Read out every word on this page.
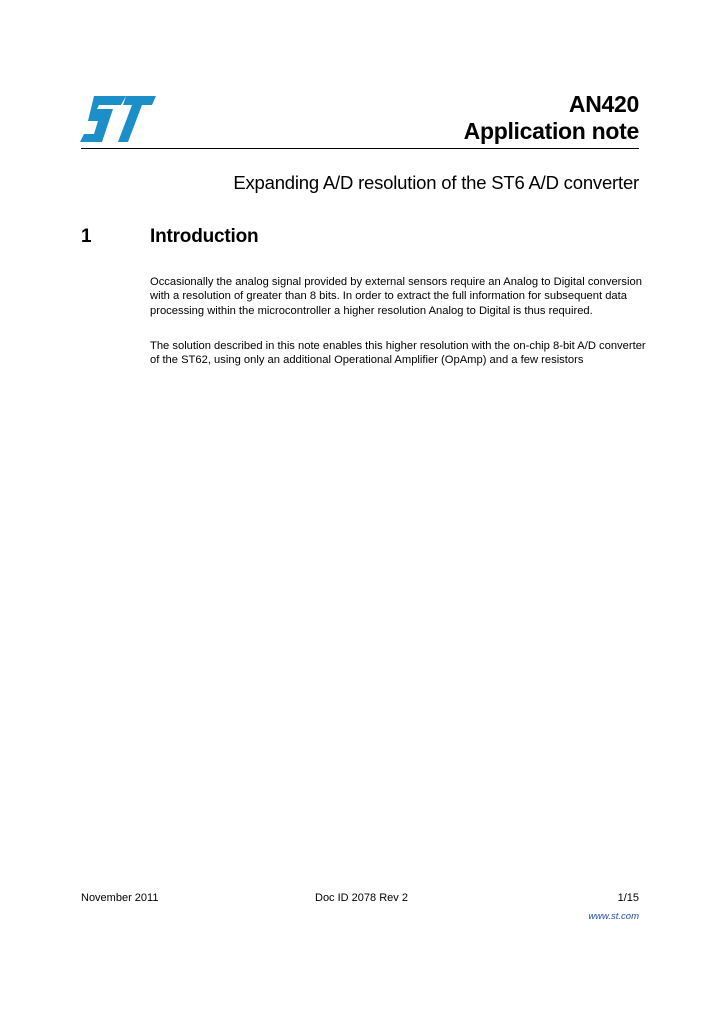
AN420
Application note
Expanding A/D resolution of the ST6 A/D converter
1	Introduction

Occasionally the analog signal provided by external sensors require an Analog to Digital conversion with a resolution of greater than 8 bits. In order to extract the full information for subsequent data processing within the microcontroller a higher resolution Analog to Digital is thus required.

The solution described in this note enables this higher resolution with the on-chip 8-bit A/D converter of the ST62, using only an additional Operational Amplifier (OpAmp) and a few resistors

November 2011	Doc ID 2078 Rev 2	1/15
www.st.com
